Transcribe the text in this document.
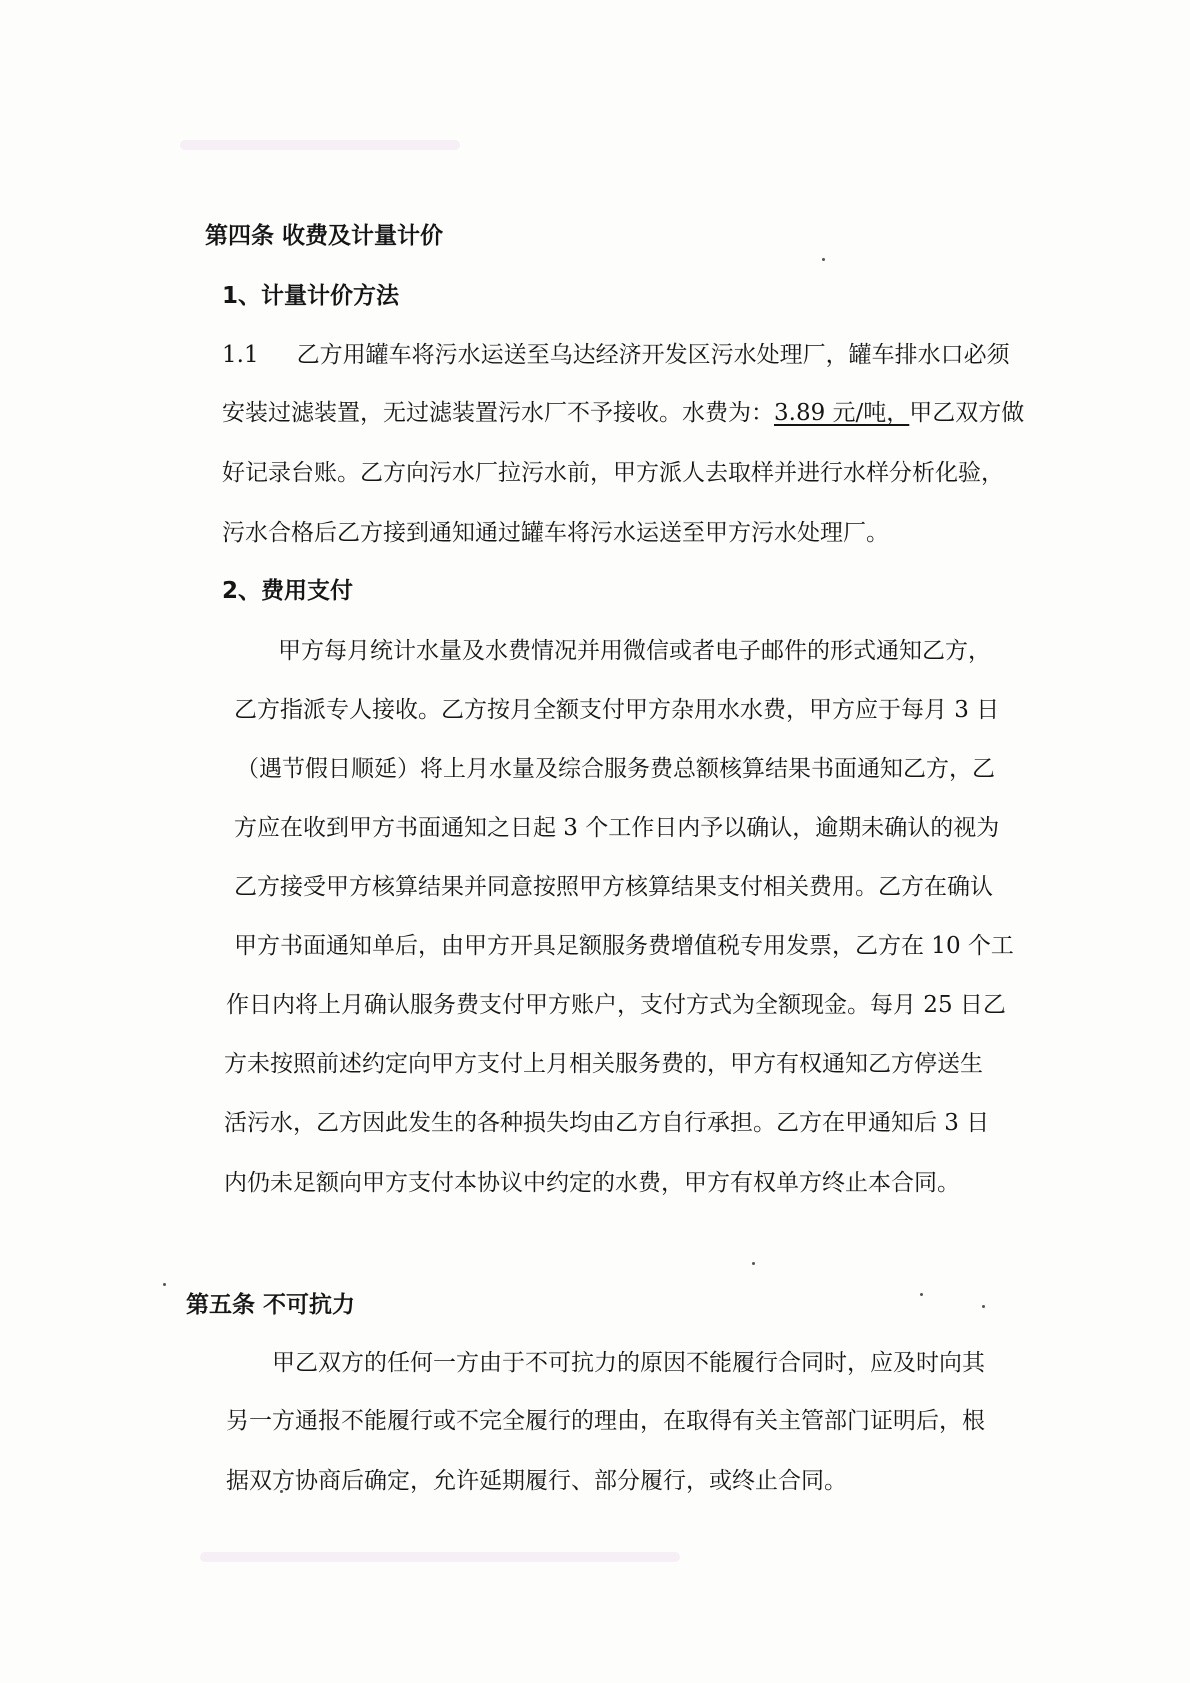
第四条 收费及计量计价
1、计量计价方法
1.1 乙方用罐车将污水运送至乌达经济开发区污水处理厂，罐车排水口必须
安装过滤装置，无过滤装置污水厂不予接收。水费为：3.89 元/吨，甲乙双方做
好记录台账。乙方向污水厂拉污水前，甲方派人去取样并进行水样分析化验，
污水合格后乙方接到通知通过罐车将污水运送至甲方污水处理厂。
2、费用支付
甲方每月统计水量及水费情况并用微信或者电子邮件的形式通知乙方，
乙方指派专人接收。乙方按月全额支付甲方杂用水水费，甲方应于每月 3 日
（遇节假日顺延）将上月水量及综合服务费总额核算结果书面通知乙方，乙
方应在收到甲方书面通知之日起 3 个工作日内予以确认，逾期未确认的视为
乙方接受甲方核算结果并同意按照甲方核算结果支付相关费用。乙方在确认
甲方书面通知单后，由甲方开具足额服务费增值税专用发票，乙方在 10 个工
作日内将上月确认服务费支付甲方账户，支付方式为全额现金。每月 25 日乙
方未按照前述约定向甲方支付上月相关服务费的，甲方有权通知乙方停送生
活污水，乙方因此发生的各种损失均由乙方自行承担。乙方在甲通知后 3 日
内仍未足额向甲方支付本协议中约定的水费，甲方有权单方终止本合同。
第五条 不可抗力
甲乙双方的任何一方由于不可抗力的原因不能履行合同时，应及时向其
另一方通报不能履行或不完全履行的理由，在取得有关主管部门证明后，根
据双方协商后确定，允许延期履行、部分履行，或终止合同。
